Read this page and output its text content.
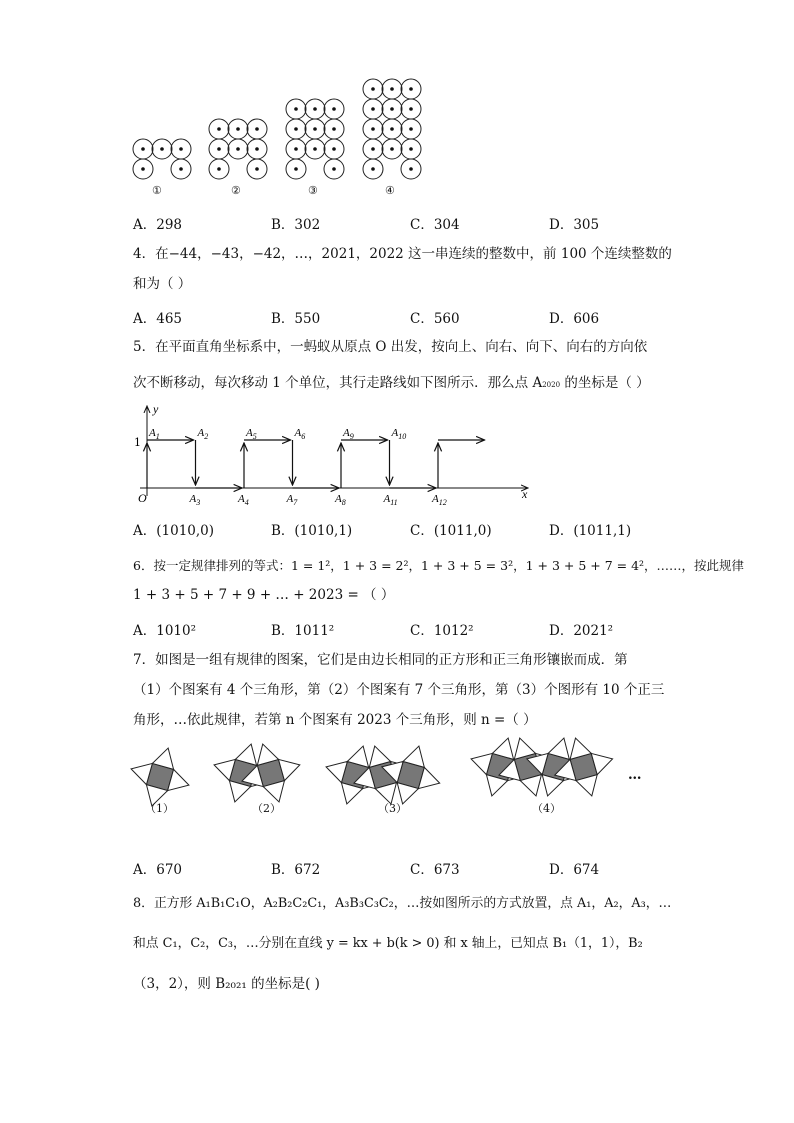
①	②	③	④
A．298	B．302	C．304	D．305
4．在−44，−43，−42，…，2021，2022 这一串连续的整数中，前 100 个连续整数的
和为（ ）
A．465	B．550	C．560	D．606
5．在平面直角坐标系中，一蚂蚁从原点 O 出发，按向上、向右、向下、向右的方向依
次不断移动，每次移动 1 个单位，其行走路线如下图所示．那么点 A2020 的坐标是（ ）
$A_1$	$A_2$	$A_5$	$A_6$	$A_9$	$A_{10}$
$A_3$	$A_4$	$A_7$	$A_8$	$A_{11}$	$A_{12}$
y
x
O
1
A．(1010,0)	B．(1010,1)	C．(1011,0)	D．(1011,1)
6．按一定规律排列的等式：1 = 1²，1 + 3 = 2²，1 + 3 + 5 = 3²，1 + 3 + 5 + 7 = 4²，……，按此规律
1 + 3 + 5 + 7 + 9 + … + 2023 = （ ）
A．1010²	B．1011²	C．1012²	D．2021²
7．如图是一组有规律的图案，它们是由边长相同的正方形和正三角形镶嵌而成．第
（1）个图案有 4 个三角形，第（2）个图案有 7 个三角形，第（3）个图形有 10 个正三
角形，…依此规律，若第 n 个图案有 2023 个三角形，则 n =（ ）
（1）	（2）	（3）	（4）
…
A．670	B．672	C．673	D．674
8．正方形 A₁B₁C₁O，A₂B₂C₂C₁，A₃B₃C₃C₂，…按如图所示的方式放置，点 A₁，A₂，A₃，…
和点 C₁，C₂，C₃，…分别在直线 y = kx + b(k > 0) 和 x 轴上，已知点 B₁（1，1），B₂
（3，2），则 B₂₀₂₁ 的坐标是( )
